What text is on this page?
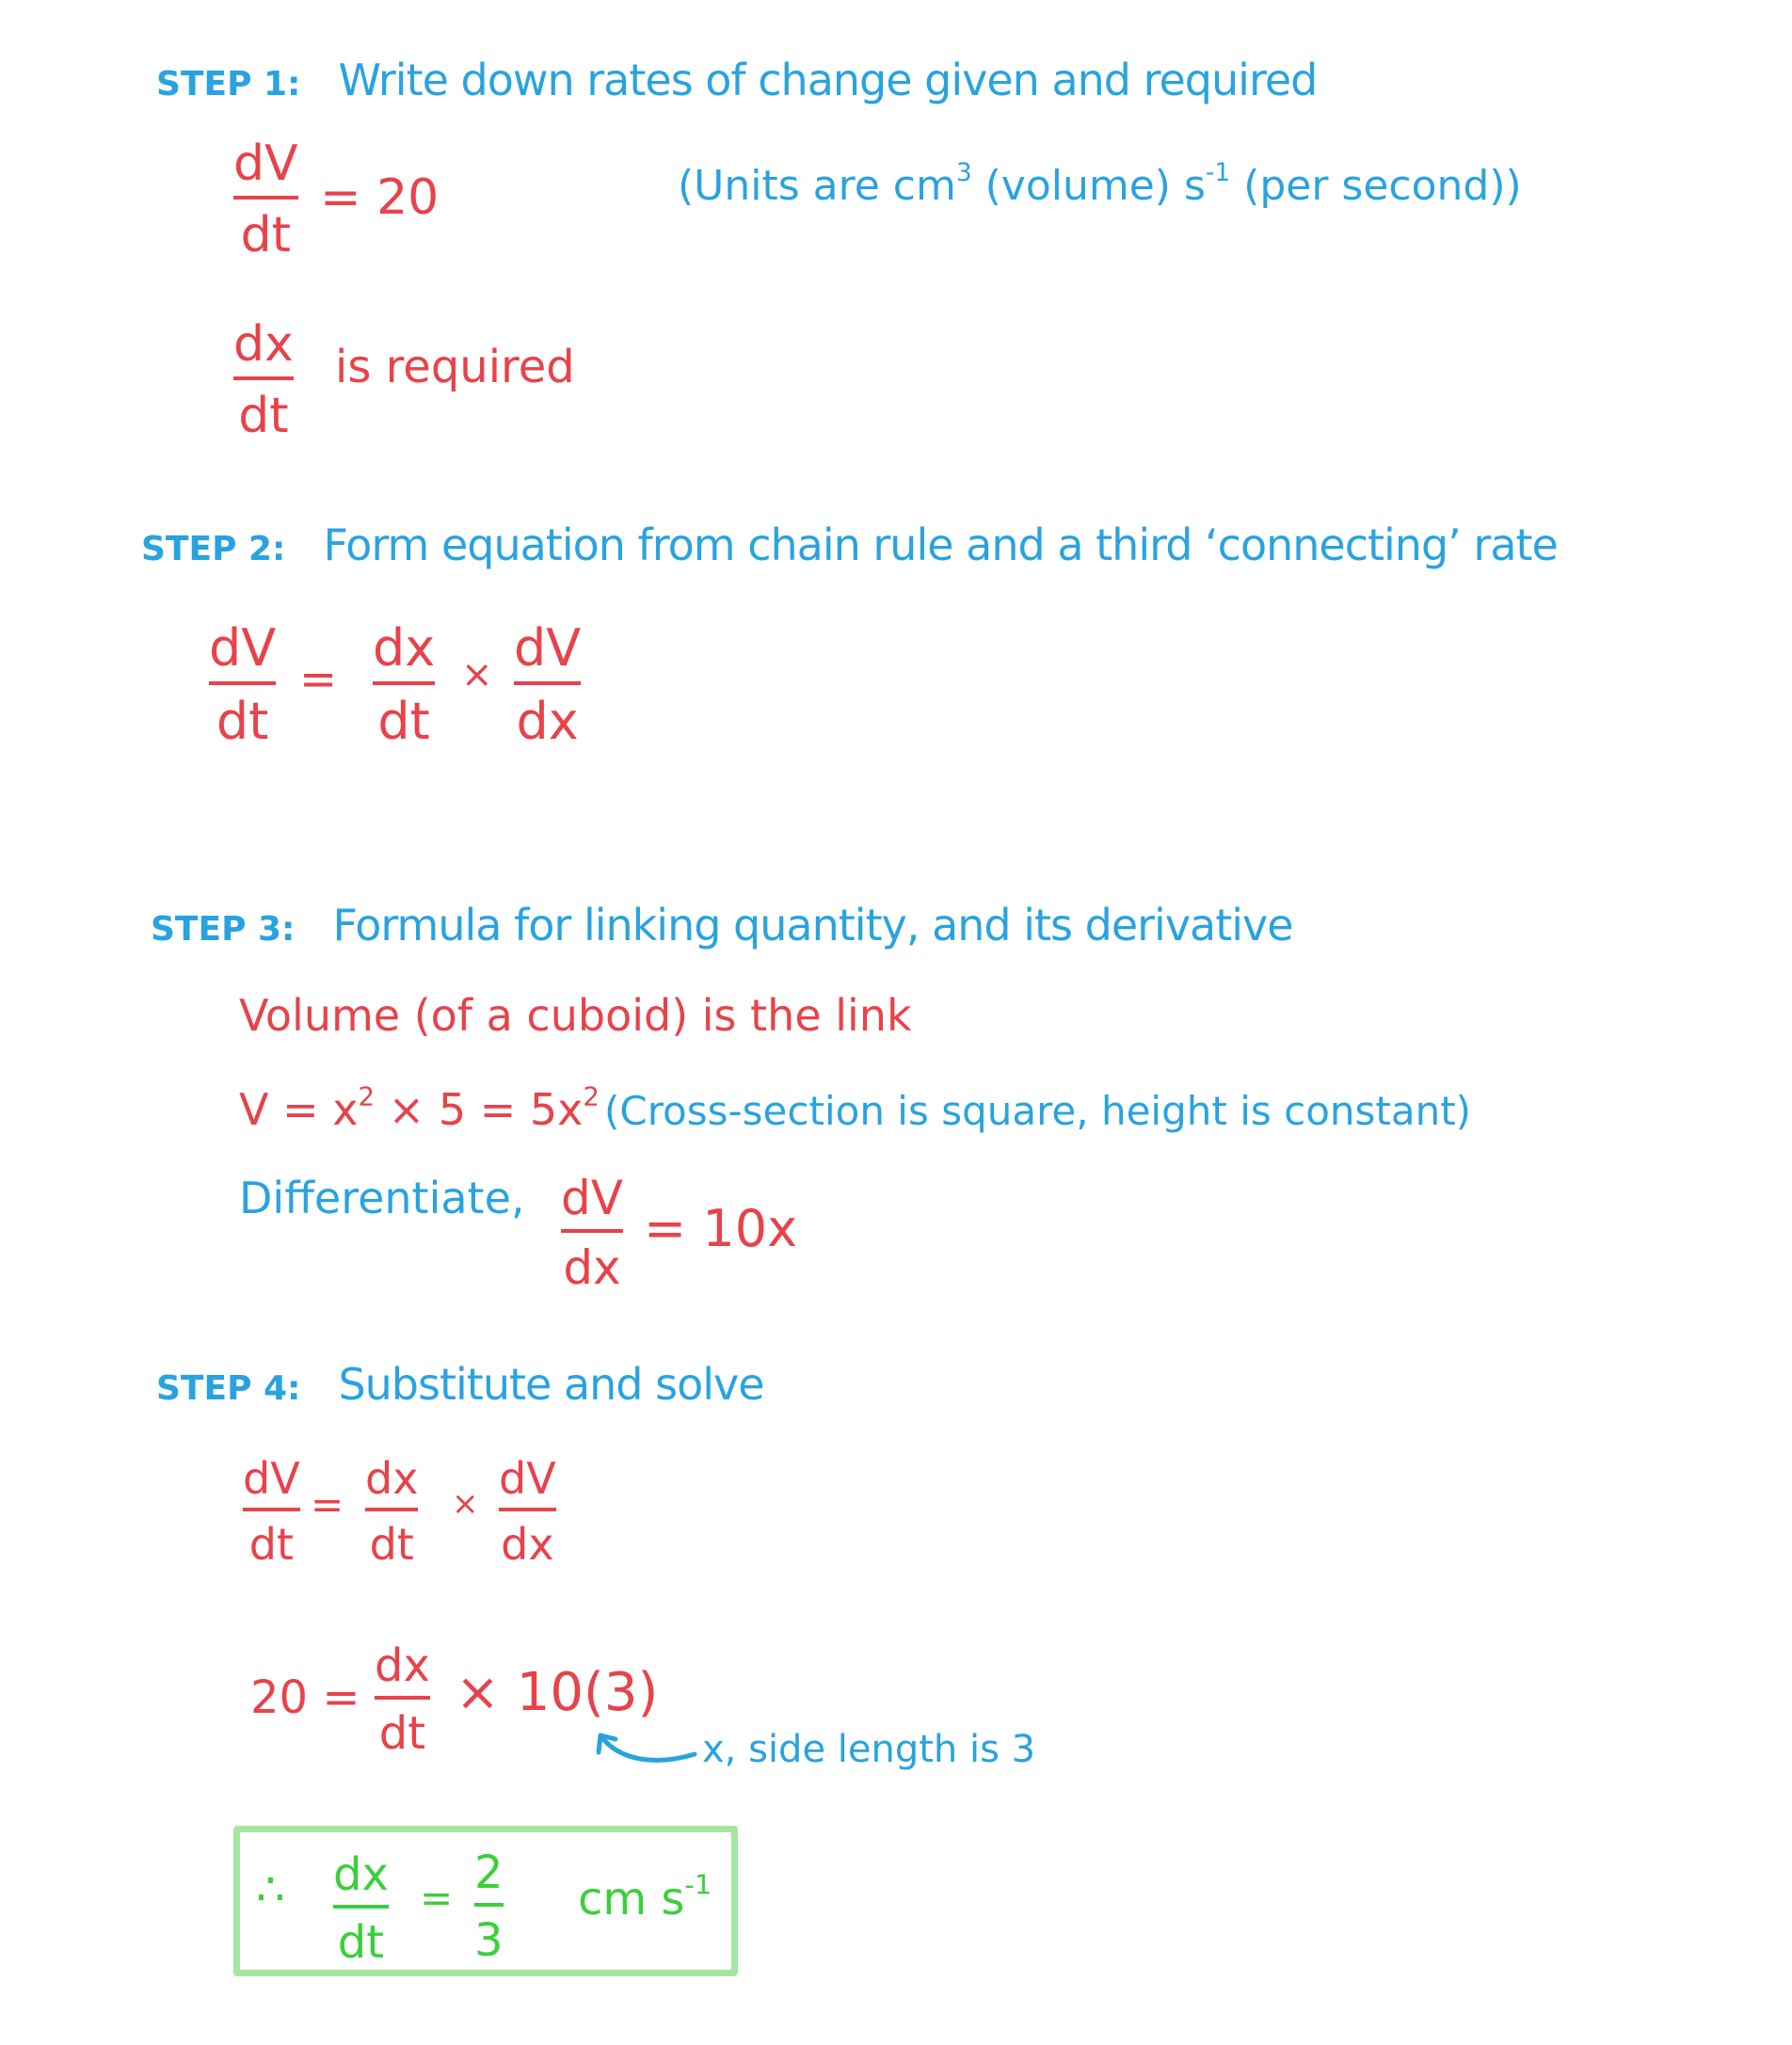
STEP 1: Write down rates of change given and required
dV
dt
= 20	(Units are $cm^3$ (volume) $s^{-1}$ (per second))
dx
dt
is required
STEP 2: Form equation from chain rule and a third ‘connecting’ rate
dV
dt
=
dx
dt
× dV
dx
STEP 3: Formula for linking quantity, and its derivative
Volume (of a cuboid) is the link
$V = x^2 \times 5 = 5x^2$ (Cross-section is square, height is constant)
Differentiate, dV
dx
= 10x
STEP 4: Substitute and solve
dV
dt
=
dx
dt
× dV
dx
20 =
dx
dt
× 10(3)
x, side length is 3
∴ dx
dt
= 2
3
cm $s^{-1}$
